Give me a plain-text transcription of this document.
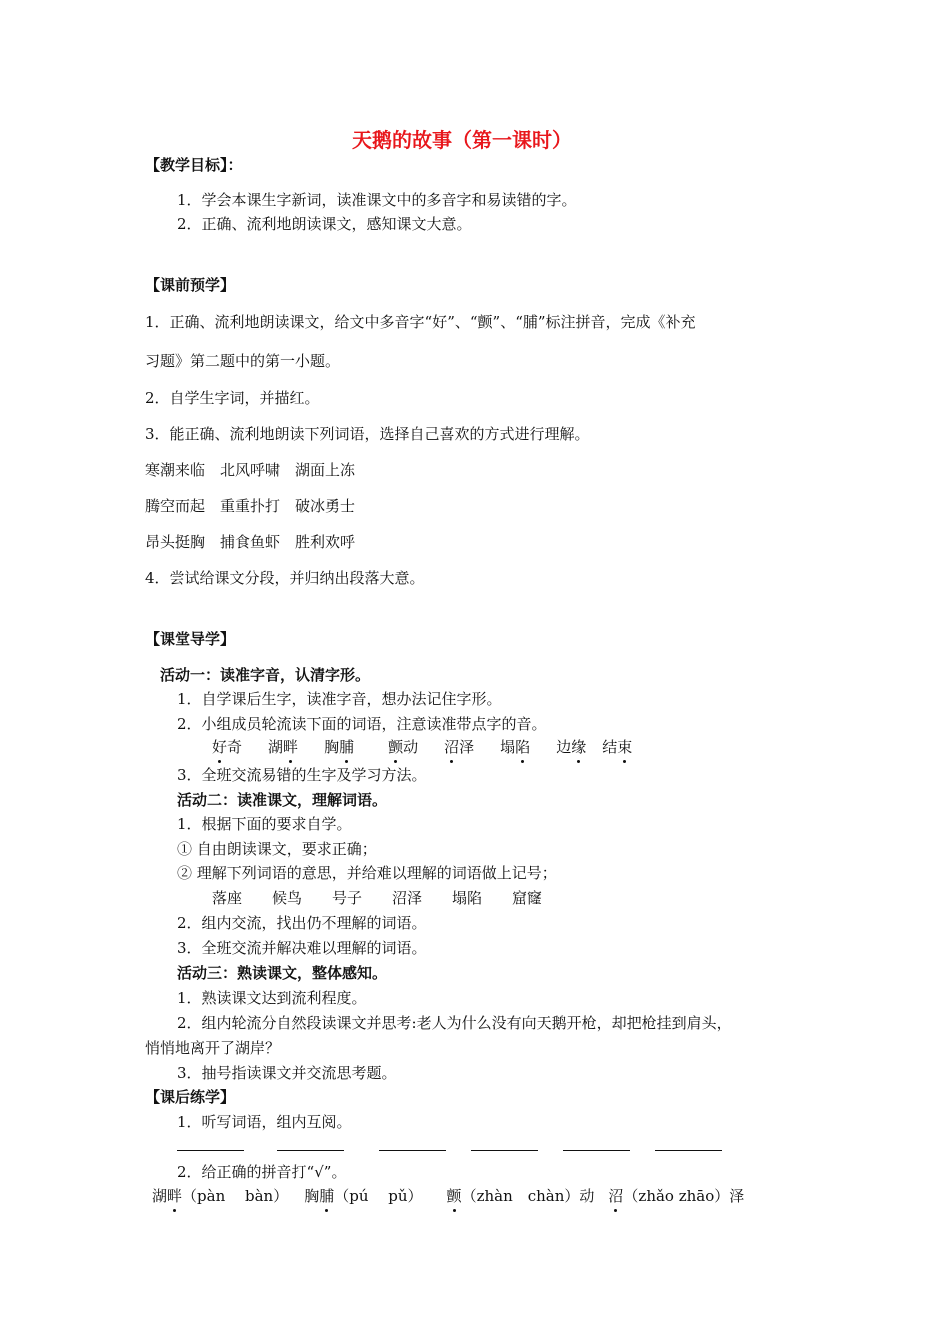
天鹅的故事（第一课时）
【教学目标】：
1．学会本课生字新词，读准课文中的多音字和易读错的字。
2．正确、流利地朗读课文，感知课文大意。
【课前预学】
1．正确、流利地朗读课文，给文中多音字“好”、“颤”、“脯”标注拼音，完成《补充
习题》第二题中的第一小题。
2．自学生字词，并描红。
3．能正确、流利地朗读下列词语，选择自己喜欢的方式进行理解。
寒潮来临　北风呼啸　湖面上冻
腾空而起　重重扑打　破冰勇士
昂头挺胸　捕食鱼虾　胜利欢呼
4．尝试给课文分段，并归纳出段落大意。
【课堂导学】
活动一：读准字音，认清字形。
1．自学课后生字，读准字音，想办法记住字形。
2．小组成员轮流读下面的词语，注意读准带点字的音。
好奇 湖畔 胸脯 颤动 沼泽 塌陷 边缘 结束
3．全班交流易错的生字及学习方法。
活动二：读准课文，理解词语。
1．根据下面的要求自学。
① 自由朗读课文，要求正确；
② 理解下列词语的意思，并给难以理解的词语做上记号；
落座　　候鸟　　号子　　沼泽　　塌陷　　窟窿
2．组内交流，找出仍不理解的词语。
3．全班交流并解决难以理解的词语。
活动三：熟读课文，整体感知。
1．熟读课文达到流利程度。
2．组内轮流分自然段读课文并思考:老人为什么没有向天鹅开枪，却把枪挂到肩头，
悄悄地离开了湖岸？
3．抽号指读课文并交流思考题。
【课后练学】
1．听写词语，组内互阅。
2．给正确的拼音打“√”。
湖畔（pàn　 bàn） 胸脯（pú　 pǔ） 颤（zhàn　chàn）动 沼（zhǎo zhāo）泽
